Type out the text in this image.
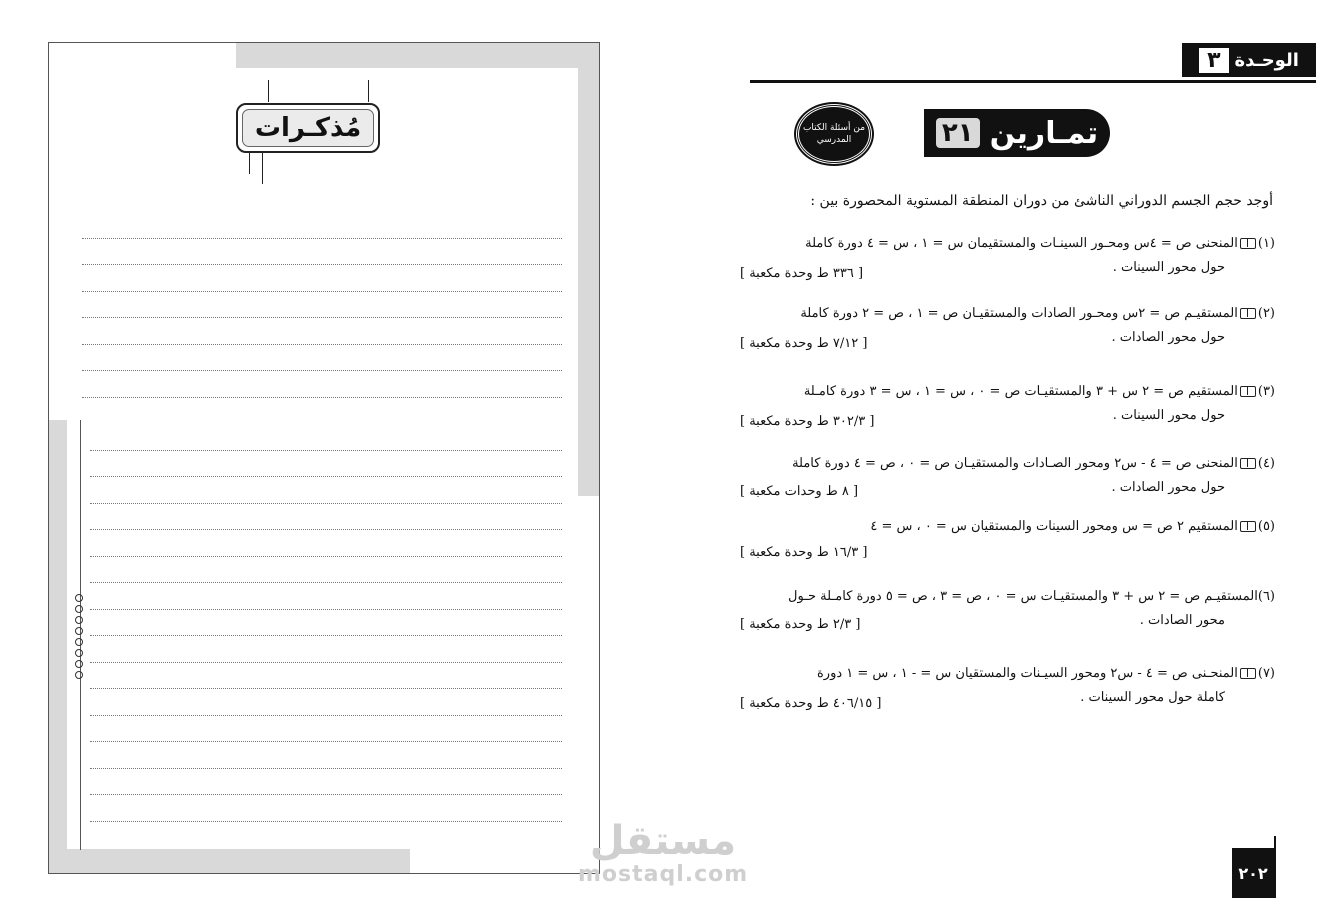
مُذكـرات
الوحـدة
٣
تمـارين
٢١
من أسئلة الكتاب المدرسي
أوجد حجم الجسم الدوراني الناشئ من دوران المنطقة المستوية المحصورة بين :
(١)المنحنى ص = ٤س ومحـور السينـات والمستقيمان س = ١ ، س = ٤ دورة كاملة
حول محور السينات .
[ ٣٣٦ ط وحدة مكعبة ]
(٢)المستقيـم ص = ٢س ومحـور الصادات والمستقيـان ص = ١ ، ص = ٢ دورة كاملة
حول محور الصادات .
[ ٧/١٢ ط وحدة مكعبة ]
(٣)المستقيم ص = ٢ س + ٣ والمستقيـات ص = ٠ ، س = ١ ، س = ٣ دورة كامـلة
حول محور السينات .
[ ٣٠٢/٣ ط وحدة مكعبة ]
(٤)المنحنى ص = ٤ - س٢ ومحور الصـادات والمستقيـان ص = ٠ ، ص = ٤ دورة كاملة
حول محور الصادات .
[ ٨ ط وحدات مكعبة ]
(٥)المستقيم ٢ ص = س ومحور السينات والمستقيان س = ٠ ، س = ٤
[ ١٦/٣ ط وحدة مكعبة ]
(٦)المستقيـم ص = ٢ س + ٣ والمستقيـات س = ٠ ، ص = ٣ ، ص = ٥ دورة كامـلة حـول
محور الصادات .
[ ٢/٣ ط وحدة مكعبة ]
(٧)المنحـنى ص = ٤ - س٢ ومحور السيـنات والمستقيان س = - ١ ، س = ١ دورة
كاملة حول محور السينات .
[ ٤٠٦/١٥ ط وحدة مكعبة ]
٢٠٢
مستقل
mostaql.com
